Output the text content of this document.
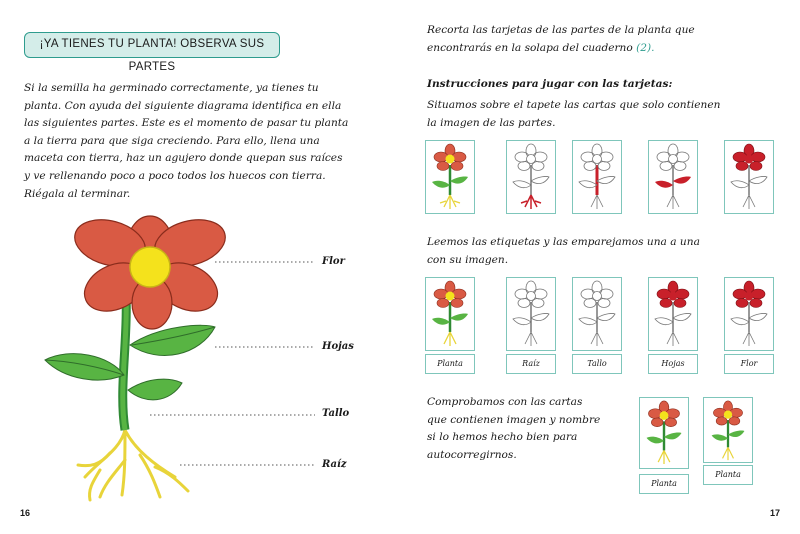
¡YA TIENES TU PLANTA! OBSERVA SUS PARTES
Si la semilla ha germinado correctamente, ya tienes tu
planta. Con ayuda del siguiente diagrama identifica en ella
las siguientes partes. Este es el momento de pasar tu planta
a la tierra para que siga creciendo. Para ello, llena una
maceta con tierra, haz un agujero donde quepan sus raíces
y ve rellenando poco a poco todos los huecos con tierra.
Riégala al terminar.
Flor
Hojas
Tallo
Raíz
16
Recorta las tarjetas de las partes de la planta que
encontrarás en la solapa del cuaderno (2).
Instrucciones para jugar con las tarjetas:
Situamos sobre el tapete las cartas que solo contienen
la imagen de las partes.
Leemos las etiquetas y las emparejamos una a una
con su imagen.
Planta	Raíz	Tallo	Hojas	Flor
Comprobamos con las cartas
que contienen imagen y nombre
si lo hemos hecho bien para
autocorregirnos.
Planta
Planta
17
